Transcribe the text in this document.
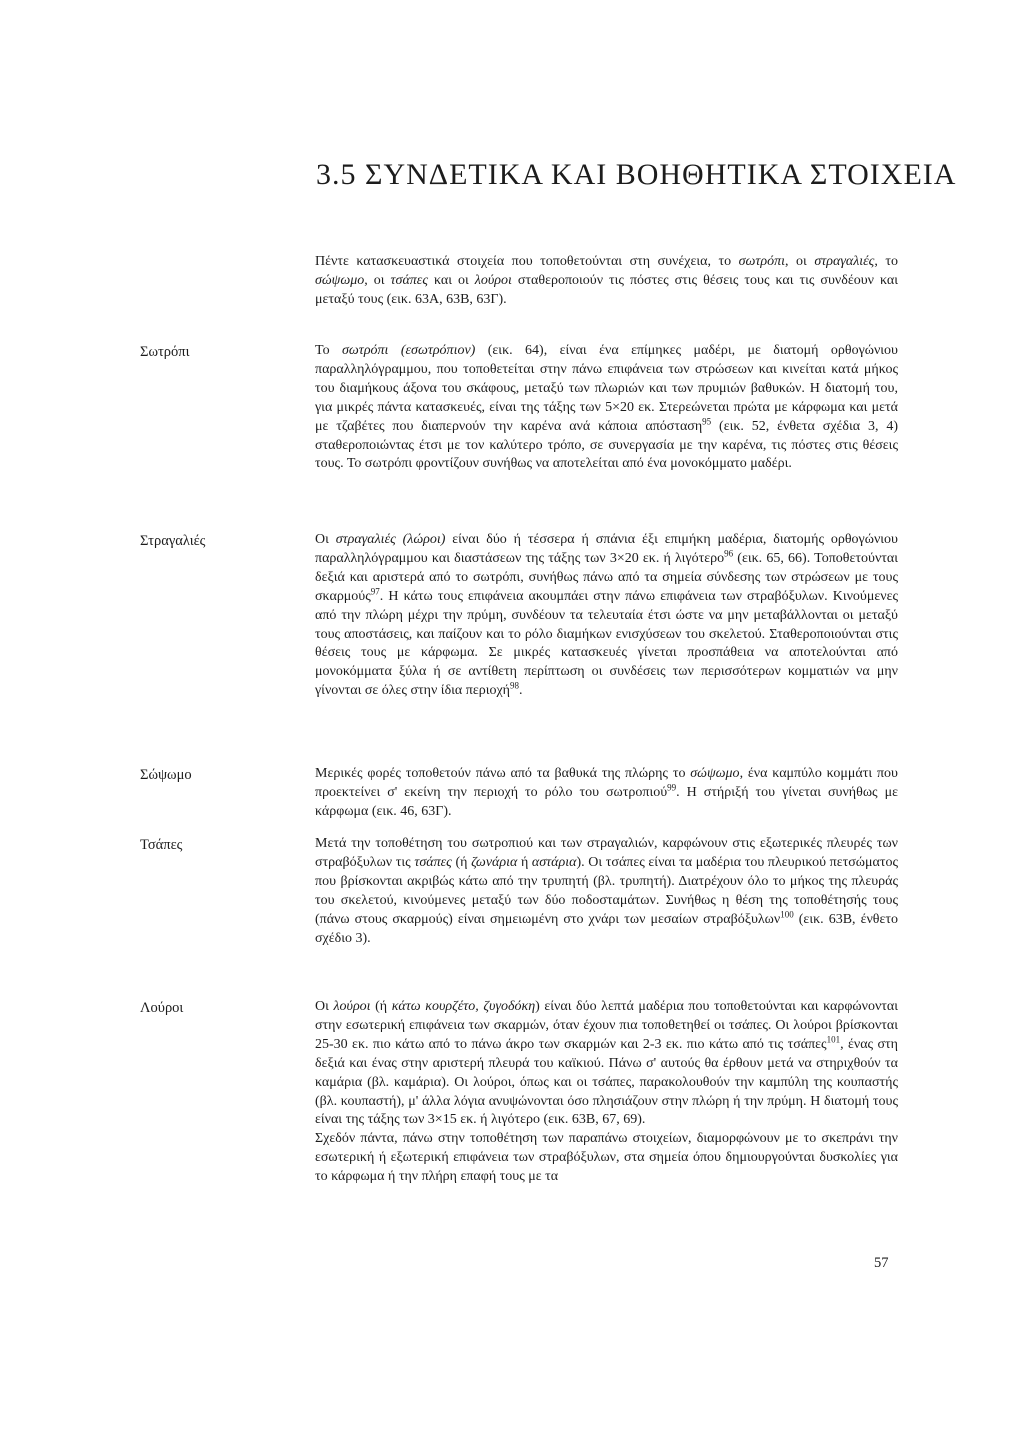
3.5 ΣΥΝΔΕΤΙΚΑ ΚΑΙ ΒΟΗΘΗΤΙΚΑ ΣΤΟΙΧΕΙΑ
Πέντε κατασκευαστικά στοιχεία που τοποθετούνται στη συνέχεια, το σωτρόπι, οι στραγαλιές, το σώψωμο, οι τσάπες και οι λούροι σταθεροποιούν τις πόστες στις θέσεις τους και τις συνδέουν και μεταξύ τους (εικ. 63Α, 63Β, 63Γ).
Σωτρόπι	Το σωτρόπι (εσωτρόπιον) (εικ. 64), είναι ένα επίμηκες μαδέρι, με διατομή ορθογώνιου παραλληλόγραμμου, που τοποθετείται στην πάνω επιφάνεια των στρώσεων και κινείται κατά μήκος του διαμήκους άξονα του σκάφους, μεταξύ των πλωριών και των πρυμιών βαθυκών. Η διατομή του, για μικρές πάντα κατασκευές, είναι της τάξης των 5×20 εκ. Στερεώνεται πρώτα με κάρφωμα και μετά με τζαβέτες που διαπερνούν την καρένα ανά κάποια απόσταση$^{95}$ (εικ. 52, ένθετα σχέδια 3, 4) σταθεροποιώντας έτσι με τον καλύτερο τρόπο, σε συνεργασία με την καρένα, τις πόστες στις θέσεις τους. Το σωτρόπι φροντίζουν συνήθως να αποτελείται από ένα μονοκόμματο μαδέρι.
Στραγαλιές	Οι στραγαλιές (λώροι) είναι δύο ή τέσσερα ή σπάνια έξι επιμήκη μαδέρια, διατομής ορθογώνιου παραλληλόγραμμου και διαστάσεων της τάξης των 3×20 εκ. ή λιγότερο$^{96}$ (εικ. 65, 66). Τοποθετούνται δεξιά και αριστερά από το σωτρόπι, συνήθως πάνω από τα σημεία σύνδεσης των στρώσεων με τους σκαρμούς$^{97}$. Η κάτω τους επιφάνεια ακουμπάει στην πάνω επιφάνεια των στραβόξυλων. Κινούμενες από την πλώρη μέχρι την πρύμη, συνδέουν τα τελευταία έτσι ώστε να μην μεταβάλλονται οι μεταξύ τους αποστάσεις, και παίζουν και το ρόλο διαμήκων ενισχύσεων του σκελετού. Σταθεροποιούνται στις θέσεις τους με κάρφωμα. Σε μικρές κατασκευές γίνεται προσπάθεια να αποτελούνται από μονοκόμματα ξύλα ή σε αντίθετη περίπτωση οι συνδέσεις των περισσότερων κομματιών να μην γίνονται σε όλες στην ίδια περιοχή$^{98}$.
Σώψωμο	Μερικές φορές τοποθετούν πάνω από τα βαθυκά της πλώρης το σώψωμο, ένα καμπύλο κομμάτι που προεκτείνει σ' εκείνη την περιοχή το ρόλο του σωτροπιού$^{99}$. Η στήριξή του γίνεται συνήθως με κάρφωμα (εικ. 46, 63Γ).
Τσάπες	Μετά την τοποθέτηση του σωτροπιού και των στραγαλιών, καρφώνουν στις εξωτερικές πλευρές των στραβόξυλων τις τσάπες (ή ζωνάρια ή αστάρια). Οι τσάπες είναι τα μαδέρια του πλευρικού πετσώματος που βρίσκονται ακριβώς κάτω από την τρυπητή (βλ. τρυπητή). Διατρέχουν όλο το μήκος της πλευράς του σκελετού, κινούμενες μεταξύ των δύο ποδοσταμάτων. Συνήθως η θέση της τοποθέτησής τους (πάνω στους σκαρμούς) είναι σημειωμένη στο χνάρι των μεσαίων στραβόξυλων$^{100}$ (εικ. 63Β, ένθετο σχέδιο 3).
Λούροι	Οι λούροι (ή κάτω κουρζέτο, ζυγοδόκη) είναι δύο λεπτά μαδέρια που τοποθετούνται και καρφώνονται στην εσωτερική επιφάνεια των σκαρμών, όταν έχουν πια τοποθετηθεί οι τσάπες. Οι λούροι βρίσκονται 25-30 εκ. πιο κάτω από το πάνω άκρο των σκαρμών και 2-3 εκ. πιο κάτω από τις τσάπες$^{101}$, ένας στη δεξιά και ένας στην αριστερή πλευρά του καϊκιού. Πάνω σ' αυτούς θα έρθουν μετά να στηριχθούν τα καμάρια (βλ. καμάρια). Οι λούροι, όπως και οι τσάπες, παρακολουθούν την καμπύλη της κουπαστής (βλ. κουπαστή), μ' άλλα λόγια ανυψώνονται όσο πλησιάζουν στην πλώρη ή την πρύμη. Η διατομή τους είναι της τάξης των 3×15 εκ. ή λιγότερο (εικ. 63Β, 67, 69).
Σχεδόν πάντα, πάνω στην τοποθέτηση των παραπάνω στοιχείων, διαμορφώνουν με το σκεπράνι την εσωτερική ή εξωτερική επιφάνεια των στραβόξυλων, στα σημεία όπου δημιουργούνται δυσκολίες για το κάρφωμα ή την πλήρη επαφή τους με τα
57
